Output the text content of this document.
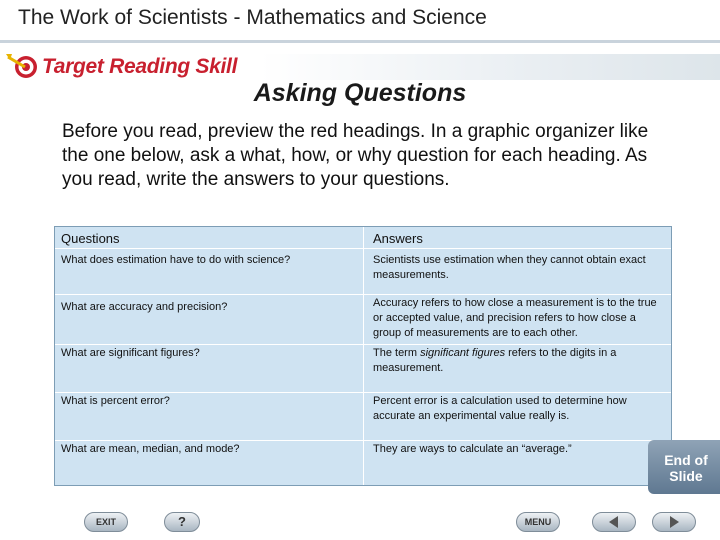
The Work of Scientists - Mathematics and Science
Target Reading Skill
Asking Questions
Before you read, preview the red headings. In a graphic organizer like the one below, ask a what, how, or why question for each heading. As you read, write the answers to your questions.
Questions	Answers
What does estimation have to do with science?	Scientists use estimation when they cannot obtain exact measurements.
What are accuracy and precision?	Accuracy refers to how close a measurement is to the true or accepted value, and precision refers to how close a group of measurements are to each other.
What are significant figures?	The term significant figures refers to the digits in a measurement.
What is percent error?	Percent error is a calculation used to determine how accurate an experimental value really is.
What are mean, median, and mode?	They are ways to calculate an “average.”
End of
Slide
EXIT	?	MENU
